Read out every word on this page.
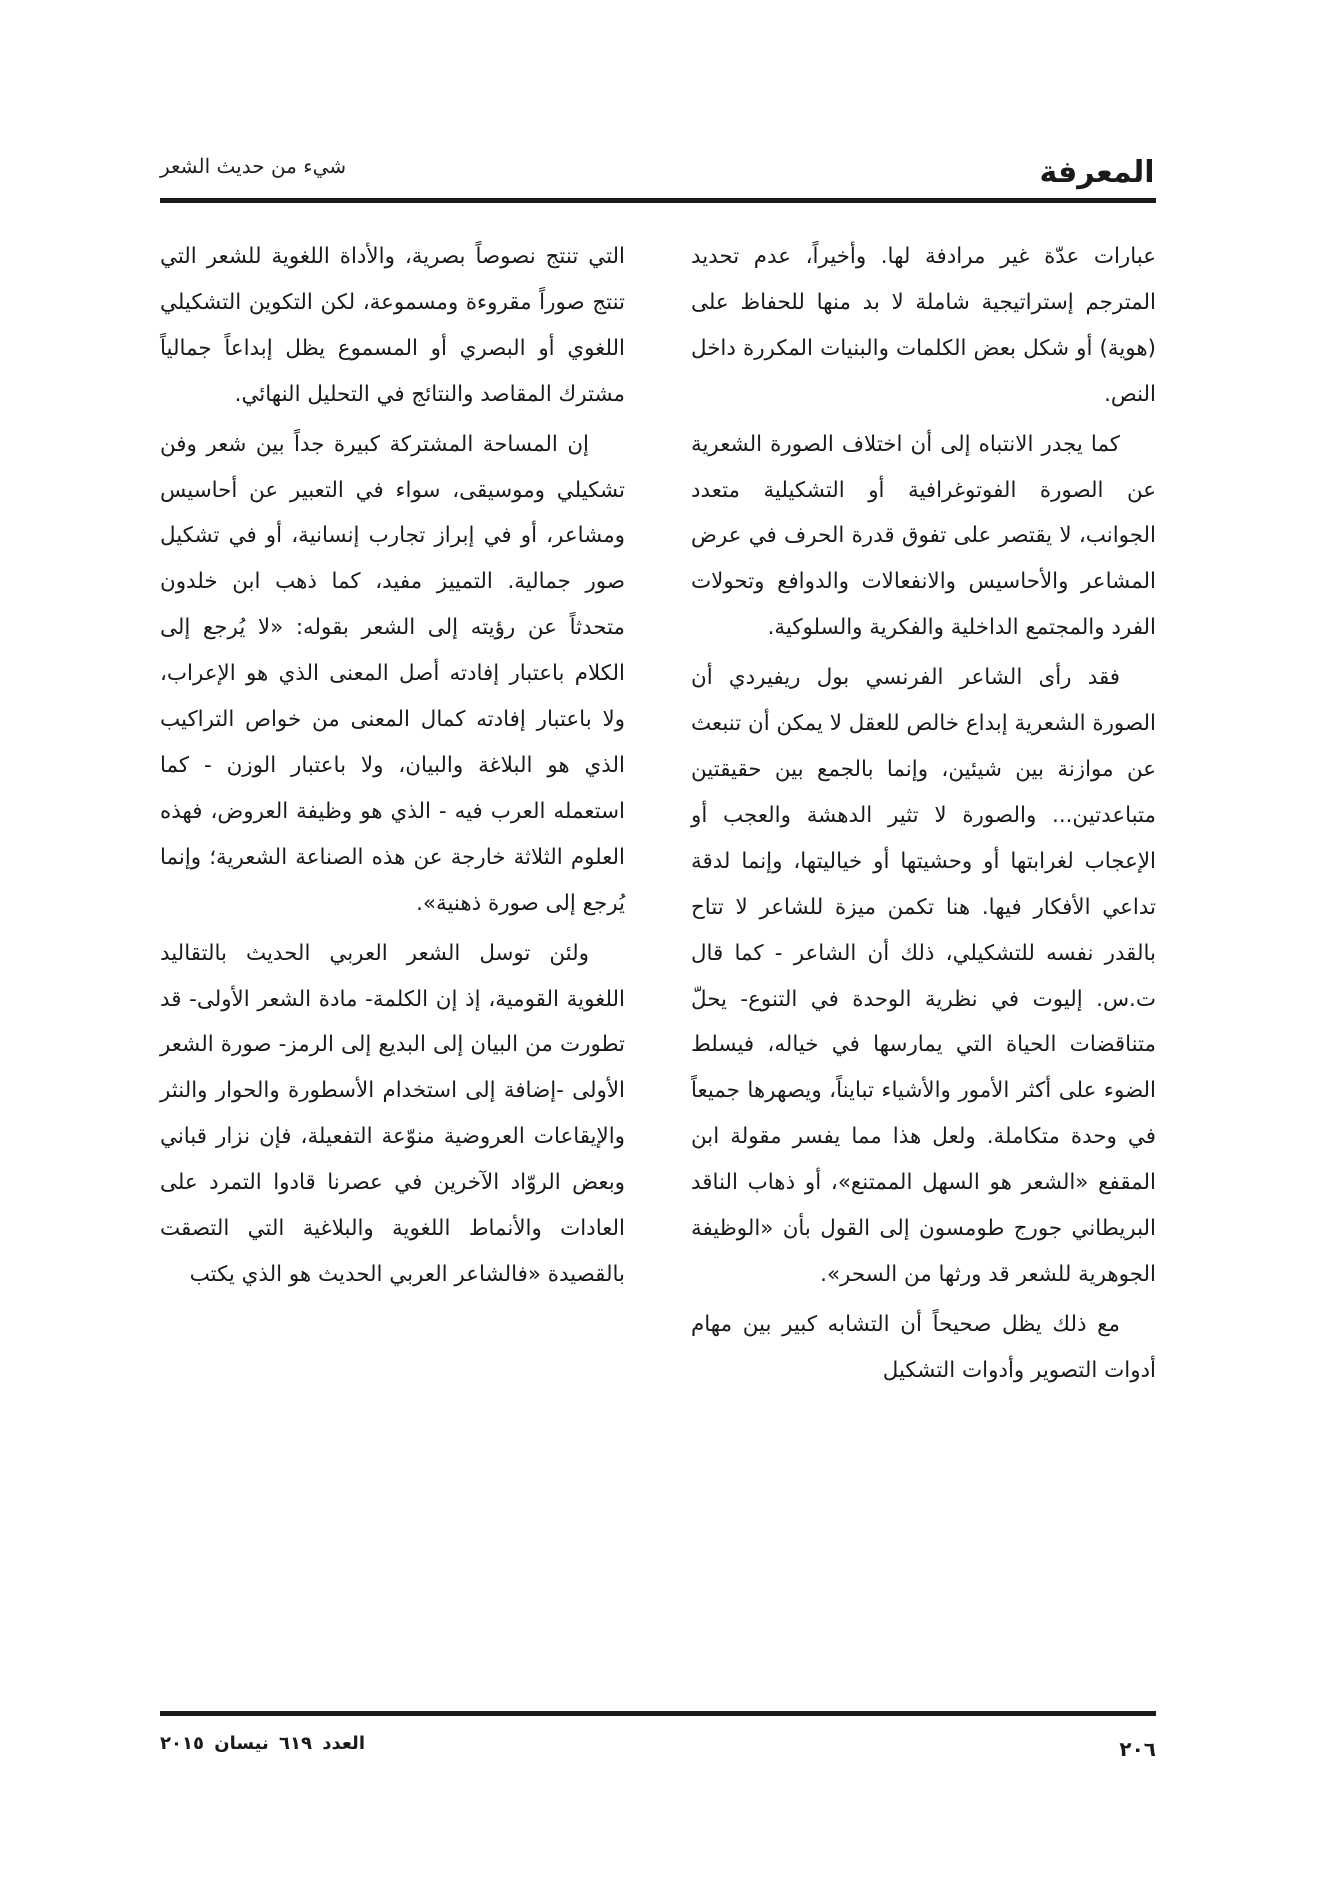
المعرفة
شيء من حديث الشعر

عبارات عدّة غير مرادفة لها. وأخيراً، عدم تحديد المترجم إستراتيجية شاملة لا بد منها للحفاظ على (هوية) أو شكل بعض الكلمات والبنيات المكررة داخل النص.

كما يجدر الانتباه إلى أن اختلاف الصورة الشعرية عن الصورة الفوتوغرافية أو التشكيلية متعدد الجوانب، لا يقتصر على تفوق قدرة الحرف في عرض المشاعر والأحاسيس والانفعالات والدوافع وتحولات الفرد والمجتمع الداخلية والفكرية والسلوكية.

فقد رأى الشاعر الفرنسي بول ريفيردي أن الصورة الشعرية إبداع خالص للعقل لا يمكن أن تنبعث عن موازنة بين شيئين، وإنما بالجمع بين حقيقتين متباعدتين... والصورة لا تثير الدهشة والعجب أو الإعجاب لغرابتها أو وحشيتها أو خياليتها، وإنما لدقة تداعي الأفكار فيها. هنا تكمن ميزة للشاعر لا تتاح بالقدر نفسه للتشكيلي، ذلك أن الشاعر - كما قال ت.س. إليوت في نظرية الوحدة في التنوع- يحلّ متناقضات الحياة التي يمارسها في خياله، فيسلط الضوء على أكثر الأمور والأشياء تبايناً، ويصهرها جميعاً في وحدة متكاملة. ولعل هذا مما يفسر مقولة ابن المقفع «الشعر هو السهل الممتنع»، أو ذهاب الناقد البريطاني جورج طومسون إلى القول بأن «الوظيفة الجوهرية للشعر قد ورثها من السحر».

مع ذلك يظل صحيحاً أن التشابه كبير بين مهام أدوات التصوير وأدوات التشكيل

التي تنتج نصوصاً بصرية، والأداة اللغوية للشعر التي تنتج صوراً مقروءة ومسموعة، لكن التكوين التشكيلي اللغوي أو البصري أو المسموع يظل إبداعاً جمالياً مشترك المقاصد والنتائج في التحليل النهائي.

إن المساحة المشتركة كبيرة جداً بين شعر وفن تشكيلي وموسيقى، سواء في التعبير عن أحاسيس ومشاعر، أو في إبراز تجارب إنسانية، أو في تشكيل صور جمالية. التمييز مفيد، كما ذهب ابن خلدون متحدثاً عن رؤيته إلى الشعر بقوله: «لا يُرجع إلى الكلام باعتبار إفادته أصل المعنى الذي هو الإعراب، ولا باعتبار إفادته كمال المعنى من خواص التراكيب الذي هو البلاغة والبيان، ولا باعتبار الوزن - كما استعمله العرب فيه - الذي هو وظيفة العروض، فهذه العلوم الثلاثة خارجة عن هذه الصناعة الشعرية؛ وإنما يُرجع إلى صورة ذهنية».

ولئن توسل الشعر العربي الحديث بالتقاليد اللغوية القومية، إذ إن الكلمة- مادة الشعر الأولى- قد تطورت من البيان إلى البديع إلى الرمز- صورة الشعر الأولى -إضافة إلى استخدام الأسطورة والحوار والنثر والإيقاعات العروضية منوّعة التفعيلة، فإن نزار قباني وبعض الروّاد الآخرين في عصرنا قادوا التمرد على العادات والأنماط اللغوية والبلاغية التي التصقت بالقصيدة «فالشاعر العربي الحديث هو الذي يكتب

العدد ٦١٩ نيسان ٢٠١٥	٢٠٦
